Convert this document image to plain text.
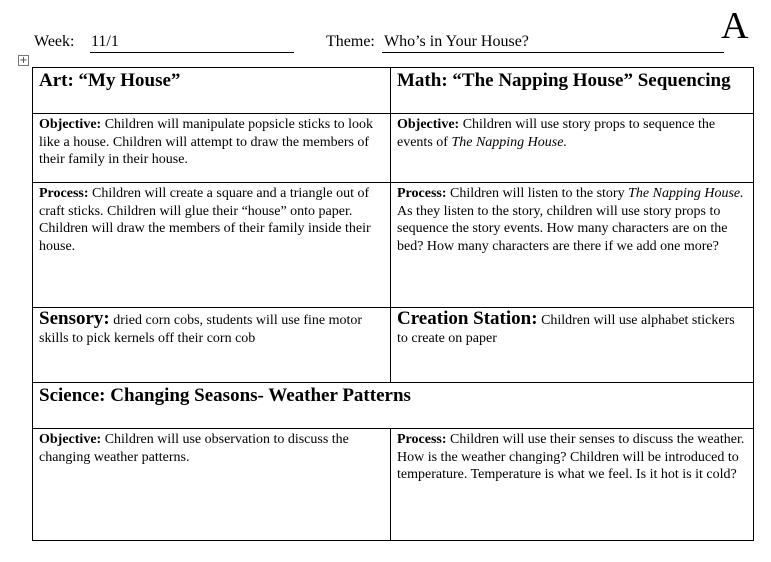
Week: 11/1	Theme: Who’s in Your House?	A
+
Art: “My House”	Math: “The Napping House” Sequencing
Objective: Children will manipulate popsicle sticks to look like a house. Children will attempt to draw the members of their family in their house.	Objective: Children will use story props to sequence the events of The Napping House.
Process: Children will create a square and a triangle out of craft sticks. Children will glue their “house” onto paper. Children will draw the members of their family inside their house.	Process: Children will listen to the story The Napping House. As they listen to the story, children will use story props to sequence the story events. How many characters are on the bed? How many characters are there if we add one more?
Sensory: dried corn cobs, students will use fine motor skills to pick kernels off their corn cob	Creation Station: Children will use alphabet stickers to create on paper
Science: Changing Seasons- Weather Patterns	
Objective: Children will use observation to discuss the changing weather patterns.	Process: Children will use their senses to discuss the weather. How is the weather changing? Children will be introduced to temperature. Temperature is what we feel. Is it hot is it cold?
